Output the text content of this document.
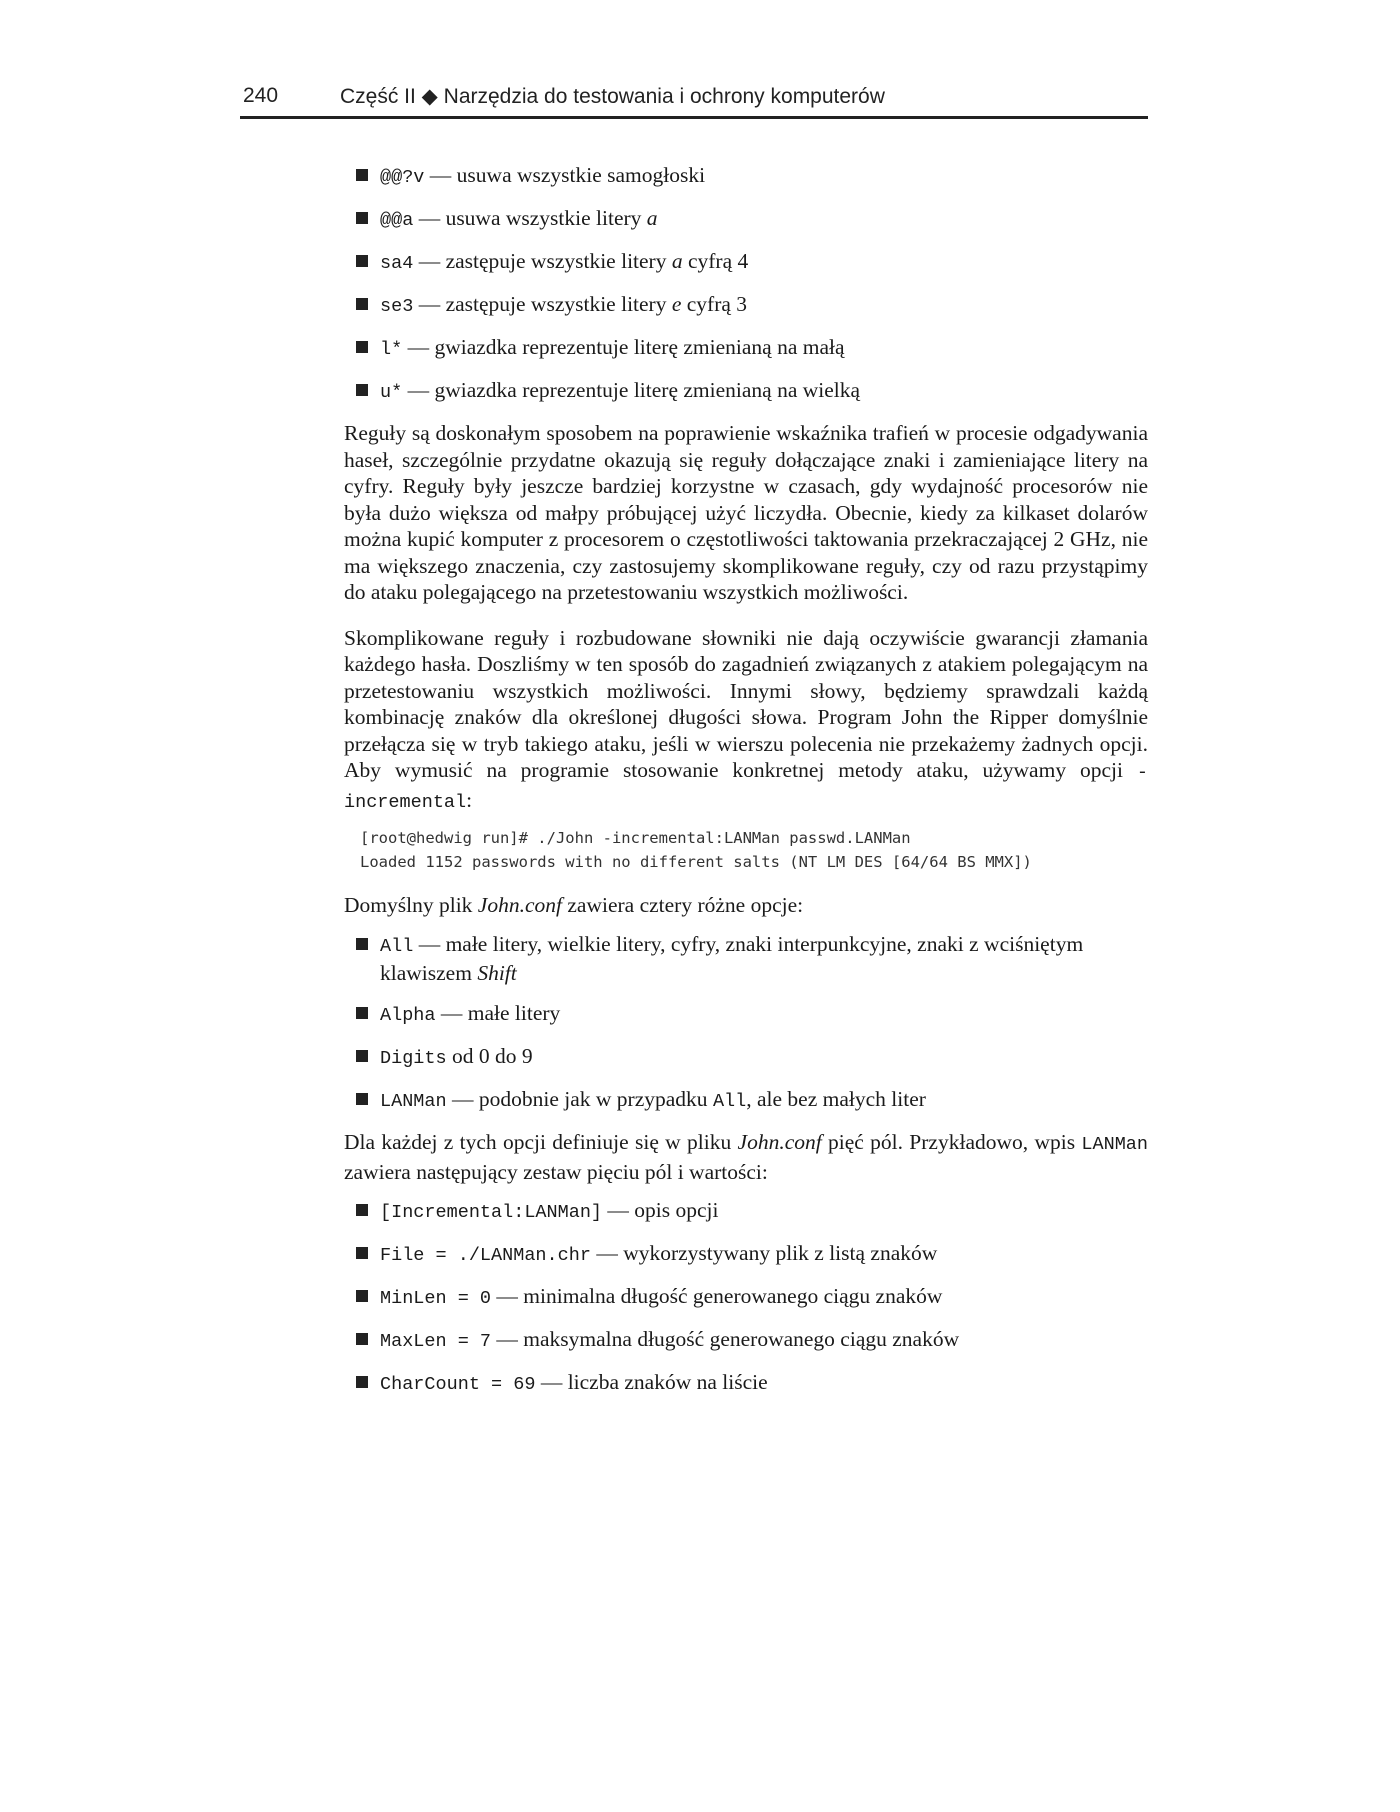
240	Część II ◆ Narzędzia do testowania i ochrony komputerów
@@?v — usuwa wszystkie samogłoski
@@a — usuwa wszystkie litery a
sa4 — zastępuje wszystkie litery a cyfrą 4
se3 — zastępuje wszystkie litery e cyfrą 3
l* — gwiazdka reprezentuje literę zmienianą na małą
u* — gwiazdka reprezentuje literę zmienianą na wielką

Reguły są doskonałym sposobem na poprawienie wskaźnika trafień w procesie odgadywania haseł, szczególnie przydatne okazują się reguły dołączające znaki i zamieniające litery na cyfry. Reguły były jeszcze bardziej korzystne w czasach, gdy wydajność procesorów nie była dużo większa od małpy próbującej użyć liczydła. Obecnie, kiedy za kilkaset dolarów można kupić komputer z procesorem o częstotliwości taktowania przekraczającej 2 GHz, nie ma większego znaczenia, czy zastosujemy skomplikowane reguły, czy od razu przystąpimy do ataku polegającego na przetestowaniu wszystkich możliwości.

Skomplikowane reguły i rozbudowane słowniki nie dają oczywiście gwarancji złamania każdego hasła. Doszliśmy w ten sposób do zagadnień związanych z atakiem polegającym na przetestowaniu wszystkich możliwości. Innymi słowy, będziemy sprawdzali każdą kombinację znaków dla określonej długości słowa. Program John the Ripper domyślnie przełącza się w tryb takiego ataku, jeśli w wierszu polecenia nie przekażemy żadnych opcji. Aby wymusić na programie stosowanie konkretnej metody ataku, używamy opcji -incremental:

[root@hedwig run]# ./John -incremental:LANMan passwd.LANMan
Loaded 1152 passwords with no different salts (NT LM DES [64/64 BS MMX])

Domyślny plik John.conf zawiera cztery różne opcje:

All — małe litery, wielkie litery, cyfry, znaki interpunkcyjne, znaki z wciśniętym klawiszem Shift
Alpha — małe litery
Digits od 0 do 9
LANMan — podobnie jak w przypadku All, ale bez małych liter

Dla każdej z tych opcji definiuje się w pliku John.conf pięć pól. Przykładowo, wpis LANMan zawiera następujący zestaw pięciu pól i wartości:

[Incremental:LANMan] — opis opcji
File = ./LANMan.chr — wykorzystywany plik z listą znaków
MinLen = 0 — minimalna długość generowanego ciągu znaków
MaxLen = 7 — maksymalna długość generowanego ciągu znaków
CharCount = 69 — liczba znaków na liście
